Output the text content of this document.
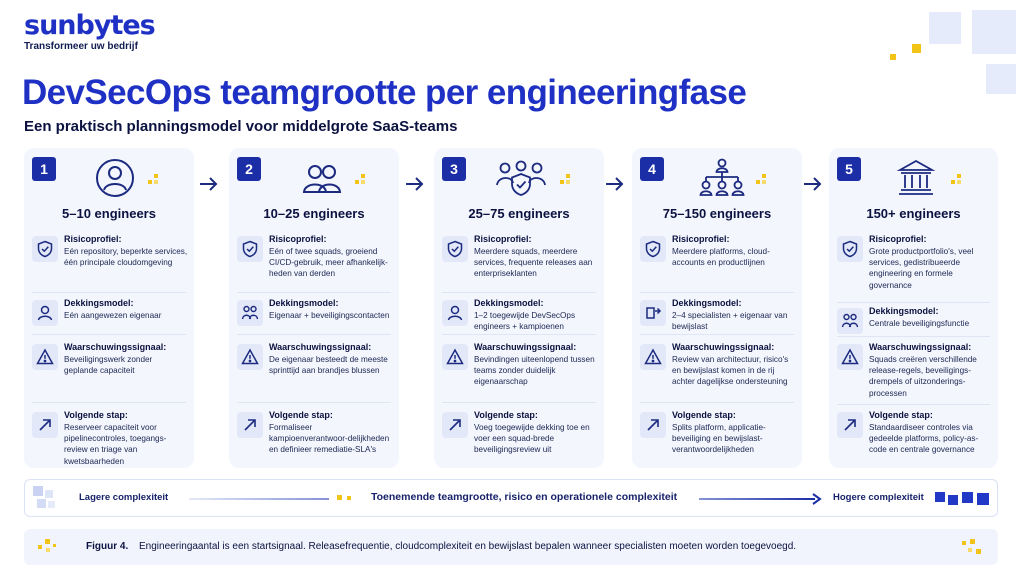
sunbytes
Transformeer uw bedrijf
DevSecOps teamgrootte per engineeringfase
Een praktisch planningsmodel voor middelgrote SaaS-teams
1
5–10 engineers
Risicoprofiel:
Eén repository, beperkte services, één principale cloudomgeving
Dekkingsmodel:
Eén aangewezen eigenaar
Waarschuwingssignaal:
Beveiligingswerk zonder geplande capaciteit
Volgende stap:
Reserveer capaciteit voor pipelinecontroles, toegangs-review en triage van kwetsbaarheden
2
10–25 engineers
Risicoprofiel:
Eén of twee squads, groeiend CI/CD-gebruik, meer afhankelijk-heden van derden
Dekkingsmodel:
Eigenaar + beveiligingscontacten
Waarschuwingssignaal:
De eigenaar besteedt de meeste sprinttijd aan brandjes blussen
Volgende stap:
Formaliseer kampioenverantwoor-delijkheden en definieer remediatie-SLA's
3
25–75 engineers
Risicoprofiel:
Meerdere squads, meerdere services, frequente releases aan enterpriseklanten
Dekkingsmodel:
1–2 toegewijde DevSecOps engineers + kampioenen
Waarschuwingssignaal:
Bevindingen uiteenlopend tussen teams zonder duidelijk eigenaarschap
Volgende stap:
Voeg toegewijde dekking toe en voer een squad-brede beveiligingsreview uit
4
75–150 engineers
Risicoprofiel:
Meerdere platforms, cloud-accounts en productlijnen
Dekkingsmodel:
2–4 specialisten + eigenaar van bewijslast
Waarschuwingssignaal:
Review van architectuur, risico's en bewijslast komen in de rij achter dagelijkse ondersteuning
Volgende stap:
Splits platform, applicatie-beveiliging en bewijslast-verantwoordelijkheden
5
150+ engineers
Risicoprofiel:
Grote productportfolio's, veel services, gedistribueerde engineering en formele governance
Dekkingsmodel:
Centrale beveiligingsfunctie
Waarschuwingssignaal:
Squads creëren verschillende release-regels, beveiligings-drempels of uitzonderings-processen
Volgende stap:
Standaardiseer controles via gedeelde platforms, policy-as-code en centrale governance
Lagere complexiteit	Toenemende teamgrootte, risico en operationele complexiteit	Hogere complexiteit
Figuur 4. Engineeringaantal is een startsignaal. Releasefrequentie, cloudcomplexiteit en bewijslast bepalen wanneer specialisten moeten worden toegevoegd.
